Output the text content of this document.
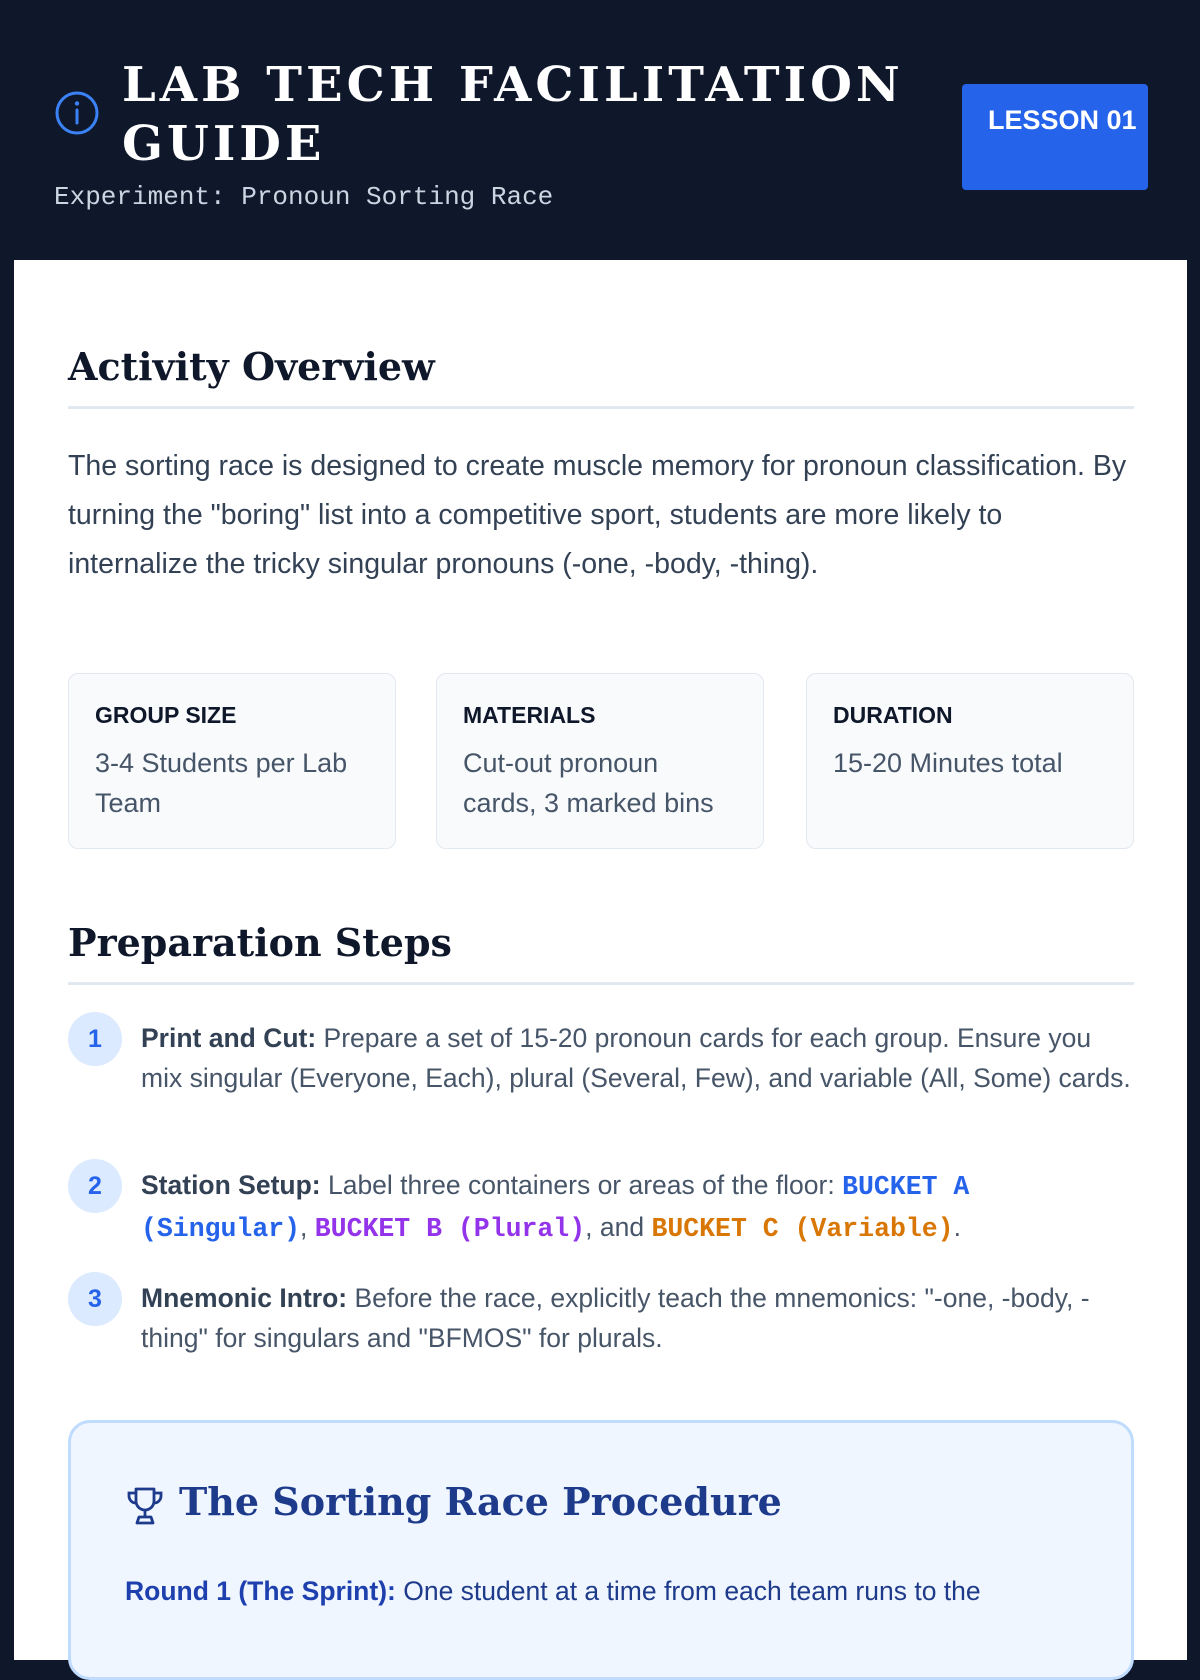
LAB TECH FACILITATION GUIDE
Experiment: Pronoun Sorting Race
LESSON 01
Activity Overview

The sorting race is designed to create muscle memory for pronoun classification. By turning the "boring" list into a competitive sport, students are more likely to internalize the tricky singular pronouns (-one, -body, -thing).

GROUP SIZE
3-4 Students per Lab Team
MATERIALS
Cut-out pronoun cards, 3 marked bins
DURATION
15-20 Minutes total
Preparation Steps
1	Print and Cut: Prepare a set of 15-20 pronoun cards for each group. Ensure you mix singular (Everyone, Each), plural (Several, Few), and variable (All, Some) cards.
2	Station Setup: Label three containers or areas of the floor: BUCKET A (Singular), BUCKET B (Plural), and BUCKET C (Variable).
3	Mnemonic Intro: Before the race, explicitly teach the mnemonics: "-one, -body, -thing" for singulars and "BFMOS" for plurals.
The Sorting Race Procedure
Round 1 (The Sprint): One student at a time from each team runs to the
